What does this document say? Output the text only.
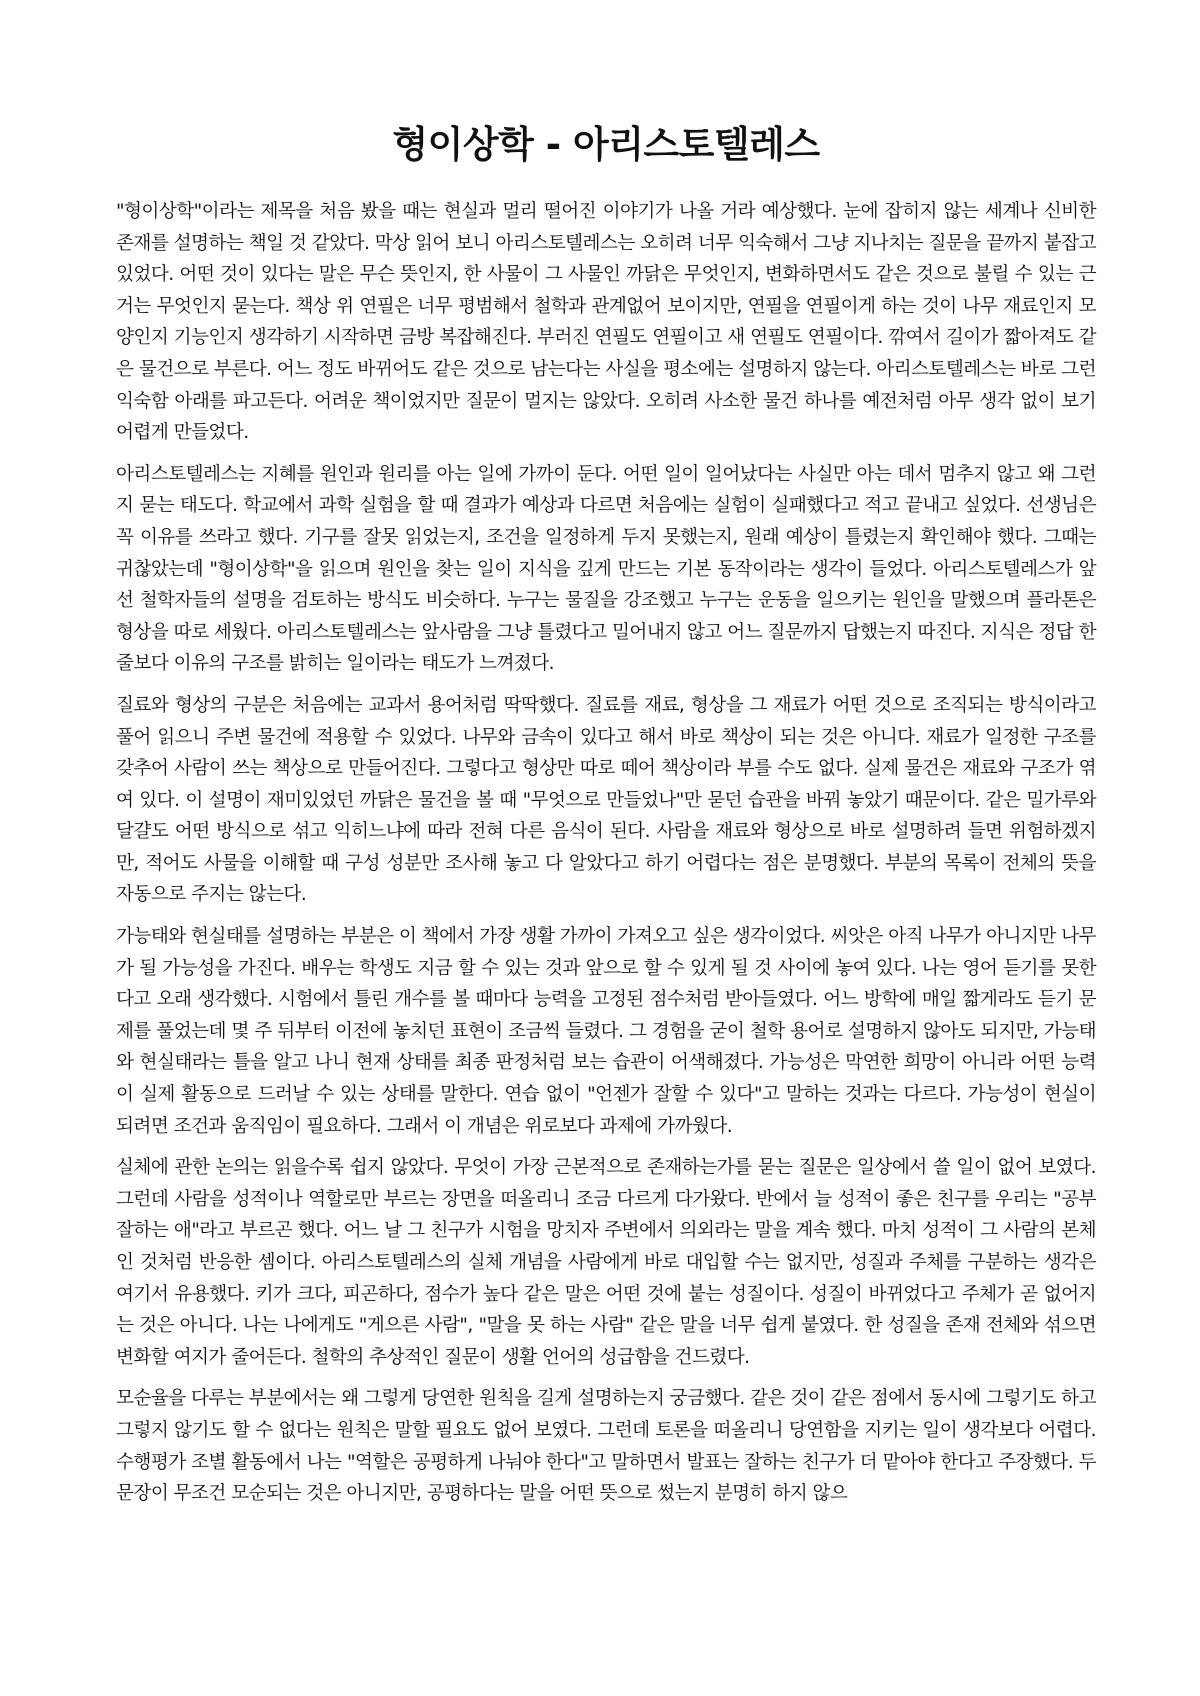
형이상학 - 아리스토텔레스

"형이상학"이라는 제목을 처음 봤을 때는 현실과 멀리 떨어진 이야기가 나올 거라 예상했다. 눈에 잡히지 않는 세계나 신비한 존재를 설명하는 책일 것 같았다. 막상 읽어 보니 아리스토텔레스는 오히려 너무 익숙해서 그냥 지나치는 질문을 끝까지 붙잡고 있었다. 어떤 것이 있다는 말은 무슨 뜻인지, 한 사물이 그 사물인 까닭은 무엇인지, 변화하면서도 같은 것으로 불릴 수 있는 근거는 무엇인지 묻는다. 책상 위 연필은 너무 평범해서 철학과 관계없어 보이지만, 연필을 연필이게 하는 것이 나무 재료인지 모양인지 기능인지 생각하기 시작하면 금방 복잡해진다. 부러진 연필도 연필이고 새 연필도 연필이다. 깎여서 길이가 짧아져도 같은 물건으로 부른다. 어느 정도 바뀌어도 같은 것으로 남는다는 사실을 평소에는 설명하지 않는다. 아리스토텔레스는 바로 그런 익숙함 아래를 파고든다. 어려운 책이었지만 질문이 멀지는 않았다. 오히려 사소한 물건 하나를 예전처럼 아무 생각 없이 보기 어렵게 만들었다.

아리스토텔레스는 지혜를 원인과 원리를 아는 일에 가까이 둔다. 어떤 일이 일어났다는 사실만 아는 데서 멈추지 않고 왜 그런지 묻는 태도다. 학교에서 과학 실험을 할 때 결과가 예상과 다르면 처음에는 실험이 실패했다고 적고 끝내고 싶었다. 선생님은 꼭 이유를 쓰라고 했다. 기구를 잘못 읽었는지, 조건을 일정하게 두지 못했는지, 원래 예상이 틀렸는지 확인해야 했다. 그때는 귀찮았는데 "형이상학"을 읽으며 원인을 찾는 일이 지식을 깊게 만드는 기본 동작이라는 생각이 들었다. 아리스토텔레스가 앞선 철학자들의 설명을 검토하는 방식도 비슷하다. 누구는 물질을 강조했고 누구는 운동을 일으키는 원인을 말했으며 플라톤은 형상을 따로 세웠다. 아리스토텔레스는 앞사람을 그냥 틀렸다고 밀어내지 않고 어느 질문까지 답했는지 따진다. 지식은 정답 한 줄보다 이유의 구조를 밝히는 일이라는 태도가 느껴졌다.

질료와 형상의 구분은 처음에는 교과서 용어처럼 딱딱했다. 질료를 재료, 형상을 그 재료가 어떤 것으로 조직되는 방식이라고 풀어 읽으니 주변 물건에 적용할 수 있었다. 나무와 금속이 있다고 해서 바로 책상이 되는 것은 아니다. 재료가 일정한 구조를 갖추어 사람이 쓰는 책상으로 만들어진다. 그렇다고 형상만 따로 떼어 책상이라 부를 수도 없다. 실제 물건은 재료와 구조가 엮여 있다. 이 설명이 재미있었던 까닭은 물건을 볼 때 "무엇으로 만들었나"만 묻던 습관을 바꿔 놓았기 때문이다. 같은 밀가루와 달걀도 어떤 방식으로 섞고 익히느냐에 따라 전혀 다른 음식이 된다. 사람을 재료와 형상으로 바로 설명하려 들면 위험하겠지만, 적어도 사물을 이해할 때 구성 성분만 조사해 놓고 다 알았다고 하기 어렵다는 점은 분명했다. 부분의 목록이 전체의 뜻을 자동으로 주지는 않는다.

가능태와 현실태를 설명하는 부분은 이 책에서 가장 생활 가까이 가져오고 싶은 생각이었다. 씨앗은 아직 나무가 아니지만 나무가 될 가능성을 가진다. 배우는 학생도 지금 할 수 있는 것과 앞으로 할 수 있게 될 것 사이에 놓여 있다. 나는 영어 듣기를 못한다고 오래 생각했다. 시험에서 틀린 개수를 볼 때마다 능력을 고정된 점수처럼 받아들였다. 어느 방학에 매일 짧게라도 듣기 문제를 풀었는데 몇 주 뒤부터 이전에 놓치던 표현이 조금씩 들렸다. 그 경험을 굳이 철학 용어로 설명하지 않아도 되지만, 가능태와 현실태라는 틀을 알고 나니 현재 상태를 최종 판정처럼 보는 습관이 어색해졌다. 가능성은 막연한 희망이 아니라 어떤 능력이 실제 활동으로 드러날 수 있는 상태를 말한다. 연습 없이 "언젠가 잘할 수 있다"고 말하는 것과는 다르다. 가능성이 현실이 되려면 조건과 움직임이 필요하다. 그래서 이 개념은 위로보다 과제에 가까웠다.

실체에 관한 논의는 읽을수록 쉽지 않았다. 무엇이 가장 근본적으로 존재하는가를 묻는 질문은 일상에서 쓸 일이 없어 보였다. 그런데 사람을 성적이나 역할로만 부르는 장면을 떠올리니 조금 다르게 다가왔다. 반에서 늘 성적이 좋은 친구를 우리는 "공부 잘하는 애"라고 부르곤 했다. 어느 날 그 친구가 시험을 망치자 주변에서 의외라는 말을 계속 했다. 마치 성적이 그 사람의 본체인 것처럼 반응한 셈이다. 아리스토텔레스의 실체 개념을 사람에게 바로 대입할 수는 없지만, 성질과 주체를 구분하는 생각은 여기서 유용했다. 키가 크다, 피곤하다, 점수가 높다 같은 말은 어떤 것에 붙는 성질이다. 성질이 바뀌었다고 주체가 곧 없어지는 것은 아니다. 나는 나에게도 "게으른 사람", "말을 못 하는 사람" 같은 말을 너무 쉽게 붙였다. 한 성질을 존재 전체와 섞으면 변화할 여지가 줄어든다. 철학의 추상적인 질문이 생활 언어의 성급함을 건드렸다.

모순율을 다루는 부분에서는 왜 그렇게 당연한 원칙을 길게 설명하는지 궁금했다. 같은 것이 같은 점에서 동시에 그렇기도 하고 그렇지 않기도 할 수 없다는 원칙은 말할 필요도 없어 보였다. 그런데 토론을 떠올리니 당연함을 지키는 일이 생각보다 어렵다. 수행평가 조별 활동에서 나는 "역할은 공평하게 나눠야 한다"고 말하면서 발표는 잘하는 친구가 더 맡아야 한다고 주장했다. 두 문장이 무조건 모순되는 것은 아니지만, 공평하다는 말을 어떤 뜻으로 썼는지 분명히 하지 않으
